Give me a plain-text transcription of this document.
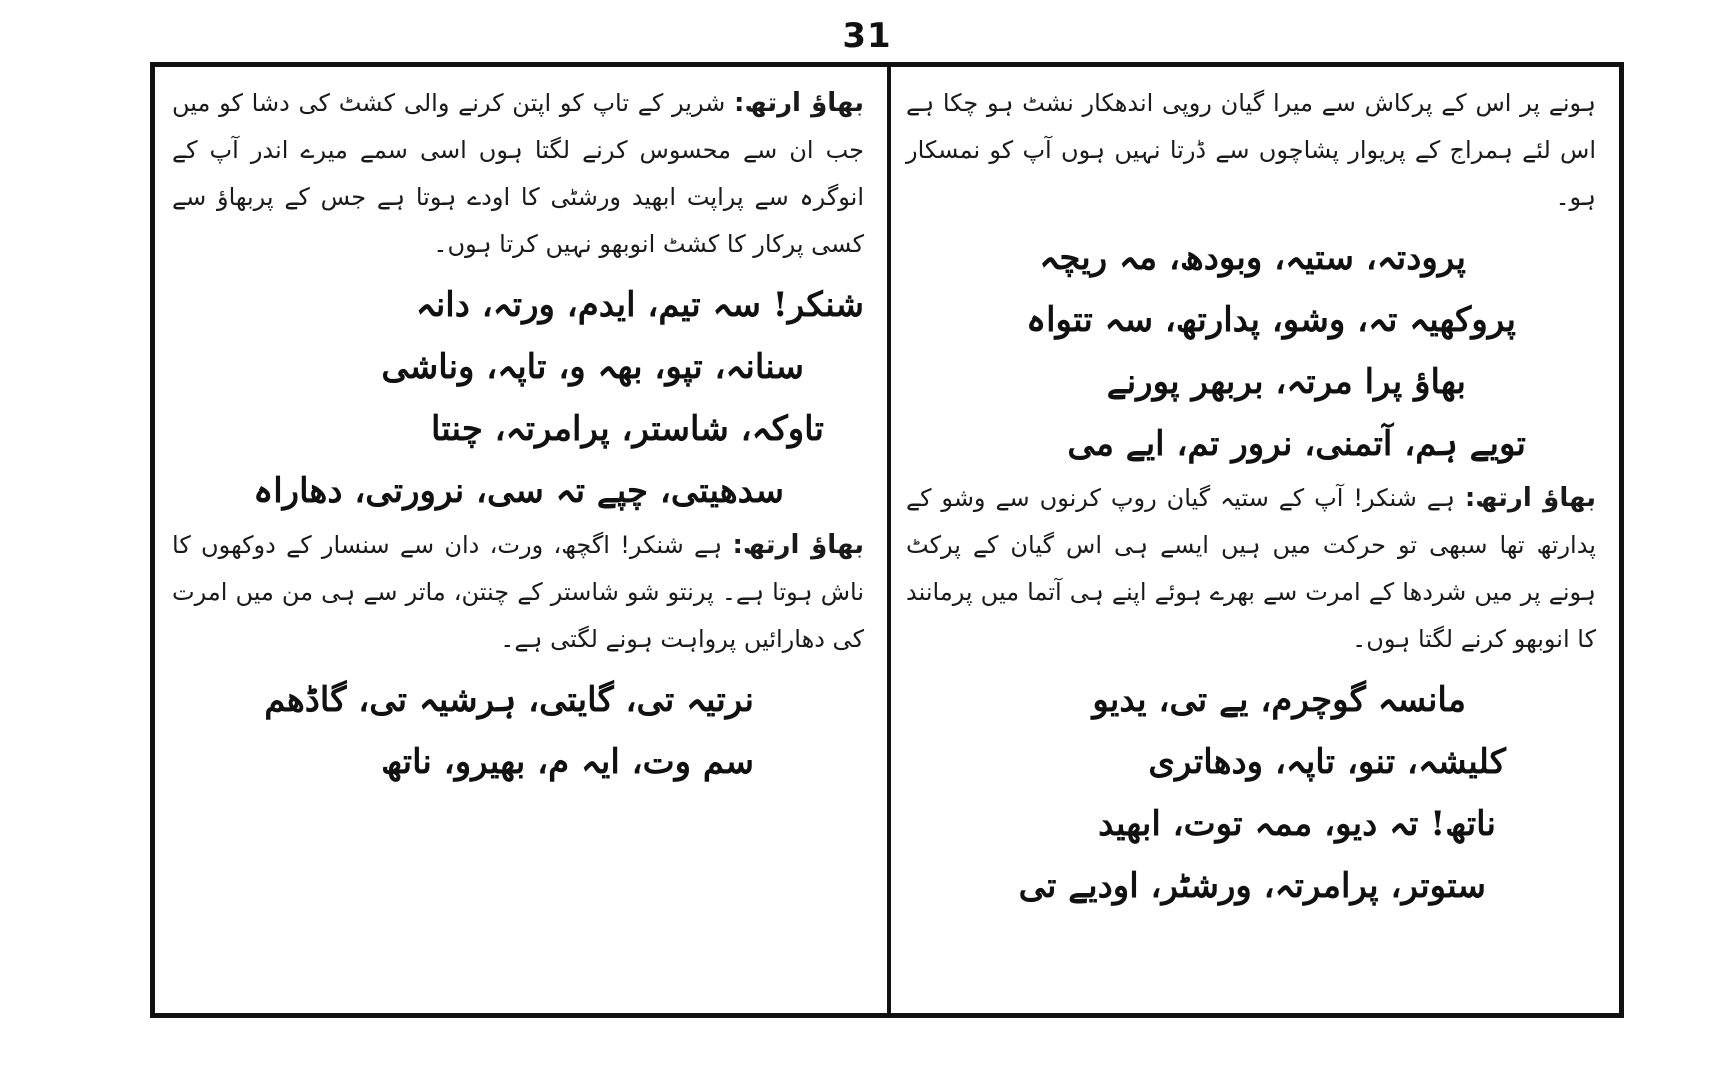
31

ہونے پر اس کے پرکاش سے میرا گیان روپی اندھکار نشٹ ہو چکا ہے اس لئے ہمراج کے پریوار پشاچوں سے ڈرتا نہیں ہوں آپ کو نمسکار ہو۔

پرودتہ، ستیہ، وبودھ، مہ ریچہ

پروکھیہ تہ، وشو، پدارتھ، سہ تتواہ

بھاؤ پرا مرتہ، بربھر پورنے

تویے ہم، آتمنی، نرور تم، ایے می

بھاؤ ارتھ: ہے شنکر! آپ کے ستیہ گیان روپ کرنوں سے وشو کے پدارتھ تھا سبھی تو حرکت میں ہیں ایسے ہی اس گیان کے پرکٹ ہونے پر میں شردھا کے امرت سے بھرے ہوئے اپنے ہی آتما میں پرمانند کا انوبھو کرنے لگتا ہوں۔

مانسہ گوچرم، یے تی، یدیو

کلیشہ، تنو، تاپہ، ودھاتری

ناتھ! تہ دیو، ممہ توت، ابھید

ستوتر، پرامرتہ، ورشٹر، اودیے تی

بھاؤ ارتھ: شریر کے تاپ کو اپتن کرنے والی کشٹ کی دشا کو میں جب ان سے محسوس کرنے لگتا ہوں اسی سمے میرے اندر آپ کے انوگرہ سے پراپت ابھید ورشٹی کا اودے ہوتا ہے جس کے پربھاؤ سے کسی پرکار کا کشٹ انوبھو نہیں کرتا ہوں۔

شنکر! سہ تیم، ایدم، ورتہ، دانہ

سنانہ، تپو، بھہ و، تاپہ، وناشی

تاوکہ، شاستر، پرامرتہ، چنتا

سدھیتی، چپے تہ سی، نرورتی، دھاراہ

بھاؤ ارتھ: ہے شنکر! اگچھ، ورت، دان سے سنسار کے دوکھوں کا ناش ہوتا ہے۔ پرنتو شو شاستر کے چنتن، ماتر سے ہی من میں امرت کی دھارائیں پرواہت ہونے لگتی ہے۔

نرتیہ تی، گایتی، ہرشیہ تی، گاڈھم

سم وت، ایہ م، بھیرو، ناتھ
